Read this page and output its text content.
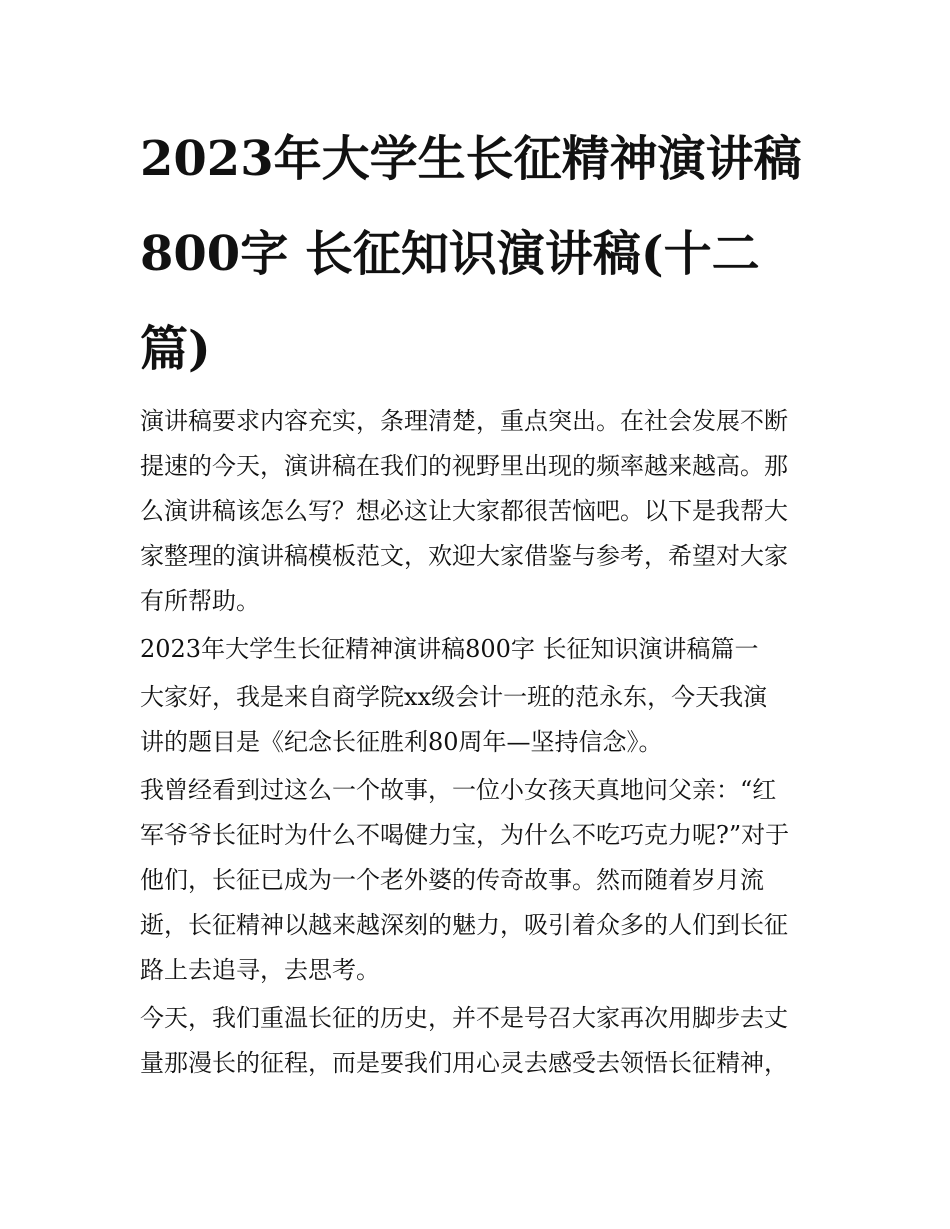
2023年大学生长征精神演讲稿
800字 长征知识演讲稿(十二
篇)

演讲稿要求内容充实，条理清楚，重点突出。在社会发展不断
提速的今天，演讲稿在我们的视野里出现的频率越来越高。那
么演讲稿该怎么写？想必这让大家都很苦恼吧。以下是我帮大
家整理的演讲稿模板范文，欢迎大家借鉴与参考，希望对大家
有所帮助。

2023年大学生长征精神演讲稿800字 长征知识演讲稿篇一

大家好，我是来自商学院xx级会计一班的范永东，今天我演
讲的题目是《纪念长征胜利80周年—坚持信念》。

我曾经看到过这么一个故事，一位小女孩天真地问父亲：“红
军爷爷长征时为什么不喝健力宝，为什么不吃巧克力呢?”对于
他们，长征已成为一个老外婆的传奇故事。然而随着岁月流
逝，长征精神以越来越深刻的魅力，吸引着众多的人们到长征
路上去追寻，去思考。

今天，我们重温长征的历史，并不是号召大家再次用脚步去丈
量那漫长的征程，而是要我们用心灵去感受去领悟长征精神，
